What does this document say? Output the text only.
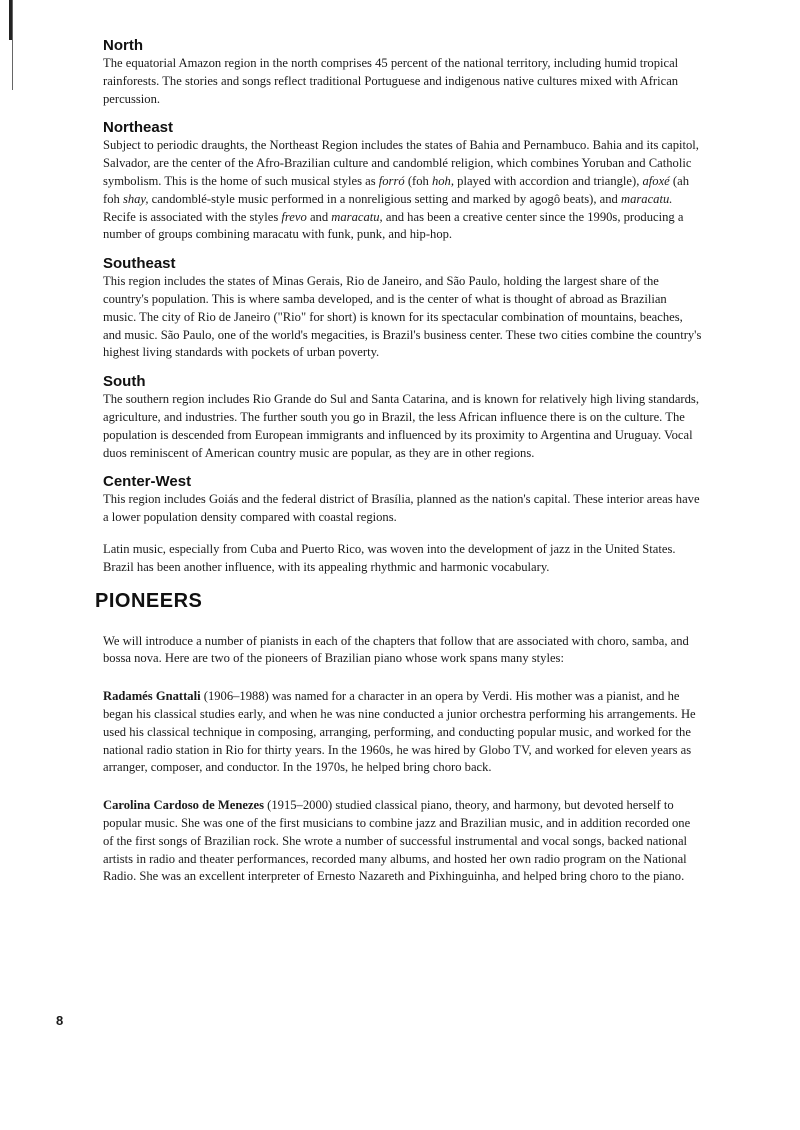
North

The equatorial Amazon region in the north comprises 45 percent of the national territory, including humid tropical rainforests. The stories and songs reflect traditional Portuguese and indigenous native cultures mixed with African percussion.

Northeast

Subject to periodic draughts, the Northeast Region includes the states of Bahia and Pernambuco. Bahia and its capitol, Salvador, are the center of the Afro-Brazilian culture and candomblé religion, which combines Yoruban and Catholic symbolism. This is the home of such musical styles as forró (foh hoh, played with accordion and triangle), afoxé (ah foh shay, candomblé-style music performed in a nonreligious setting and marked by agogô beats), and maracatu. Recife is associated with the styles frevo and maracatu, and has been a creative center since the 1990s, producing a number of groups combining maracatu with funk, punk, and hip-hop.

Southeast

This region includes the states of Minas Gerais, Rio de Janeiro, and São Paulo, holding the largest share of the country's population. This is where samba developed, and is the center of what is thought of abroad as Brazilian music. The city of Rio de Janeiro ("Rio" for short) is known for its spectacular combination of mountains, beaches, and music. São Paulo, one of the world's megacities, is Brazil's business center. These two cities combine the country's highest living standards with pockets of urban poverty.

South

The southern region includes Rio Grande do Sul and Santa Catarina, and is known for relatively high living standards, agriculture, and industries. The further south you go in Brazil, the less African influence there is on the culture. The population is descended from European immigrants and influenced by its proximity to Argentina and Uruguay. Vocal duos reminiscent of American country music are popular, as they are in other regions.

Center-West

This region includes Goiás and the federal district of Brasília, planned as the nation's capital. These interior areas have a lower population density compared with coastal regions.

Latin music, especially from Cuba and Puerto Rico, was woven into the development of jazz in the United States. Brazil has been another influence, with its appealing rhythmic and harmonic vocabulary.

PIONEERS

We will introduce a number of pianists in each of the chapters that follow that are associated with choro, samba, and bossa nova. Here are two of the pioneers of Brazilian piano whose work spans many styles:

Radamés Gnattali (1906–1988) was named for a character in an opera by Verdi. His mother was a pianist, and he began his classical studies early, and when he was nine conducted a junior orchestra performing his arrangements. He used his classical technique in composing, arranging, performing, and conducting popular music, and worked for the national radio station in Rio for thirty years. In the 1960s, he was hired by Globo TV, and worked for eleven years as arranger, composer, and conductor. In the 1970s, he helped bring choro back.

Carolina Cardoso de Menezes (1915–2000) studied classical piano, theory, and harmony, but devoted herself to popular music. She was one of the first musicians to combine jazz and Brazilian music, and in addition recorded one of the first songs of Brazilian rock. She wrote a number of successful instrumental and vocal songs, backed national artists in radio and theater performances, recorded many albums, and hosted her own radio program on the National Radio. She was an excellent interpreter of Ernesto Nazareth and Pixhinguinha, and helped bring choro to the piano.

8
